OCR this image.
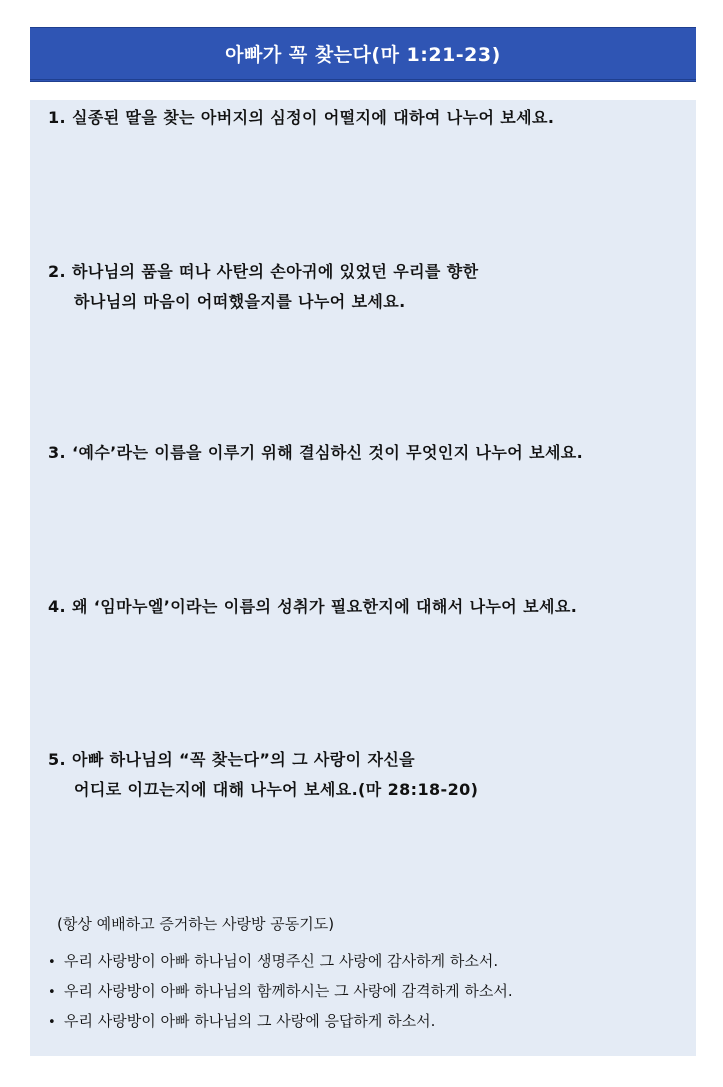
아빠가 꼭 찾는다(마 1:21-23)
1. 실종된 딸을 찾는 아버지의 심정이 어떨지에 대하여 나누어 보세요.
2. 하나님의 품을 떠나 사탄의 손아귀에 있었던 우리를 향한
하나님의 마음이 어떠했을지를 나누어 보세요.
3. ‘예수’라는 이름을 이루기 위해 결심하신 것이 무엇인지 나누어 보세요.
4. 왜 ‘임마누엘’이라는 이름의 성취가 필요한지에 대해서 나누어 보세요.
5. 아빠 하나님의 “꼭 찾는다”의 그 사랑이 자신을
어디로 이끄는지에 대해 나누어 보세요.(마 28:18-20)
(항상 예배하고 증거하는 사랑방 공동기도)
• 우리 사랑방이 아빠 하나님이 생명주신 그 사랑에 감사하게 하소서.
• 우리 사랑방이 아빠 하나님의 함께하시는 그 사랑에 감격하게 하소서.
• 우리 사랑방이 아빠 하나님의 그 사랑에 응답하게 하소서.
